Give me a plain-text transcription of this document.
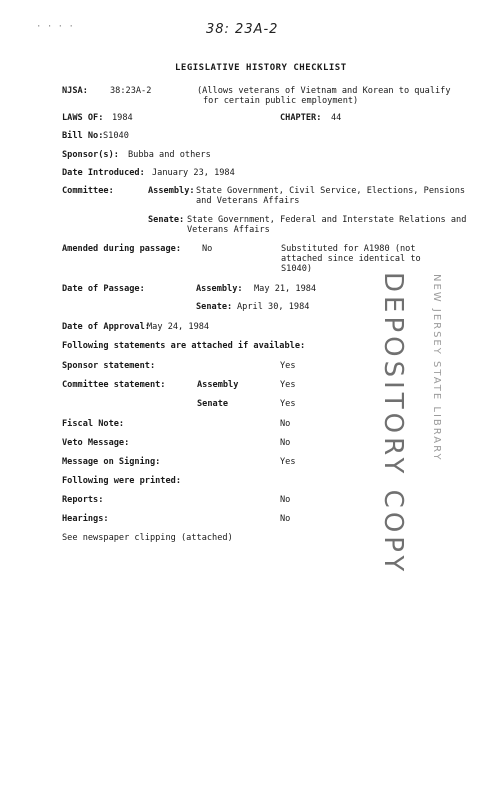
· · · ·	38: 23A-2
LEGISLATIVE HISTORY CHECKLIST
NJSA:	38:23A-2	(Allows veterans of Vietnam and Korean to qualify
for certain public employment)
LAWS OF: 1984	CHAPTER: 44
Bill No: S1040
Sponsor(s): Bubba and others
Date Introduced: January 23, 1984
Committee:	Assembly: State Government, Civil Service, Elections, Pensions
and Veterans Affairs
Senate: State Government, Federal and Interstate Relations and
Veterans Affairs
Amended during passage: No	Substituted for A1980 (not
attached since identical to
S1040)
Date of Passage:	Assembly: May 21, 1984
Senate: April 30, 1984
Date of Approval:
May 24, 1984
Following statements are attached if available:
Sponsor statement:	Yes
Committee statement:	Assembly	Yes
Senate	Yes
Fiscal Note:	No
Veto Message:	No
Message on Signing:	Yes
Following were printed:
Reports:	No
Hearings:	No
See newspaper clipping (attached)
NEW JERSEY STATE LIBRARY
DEPOSITORY COPY
